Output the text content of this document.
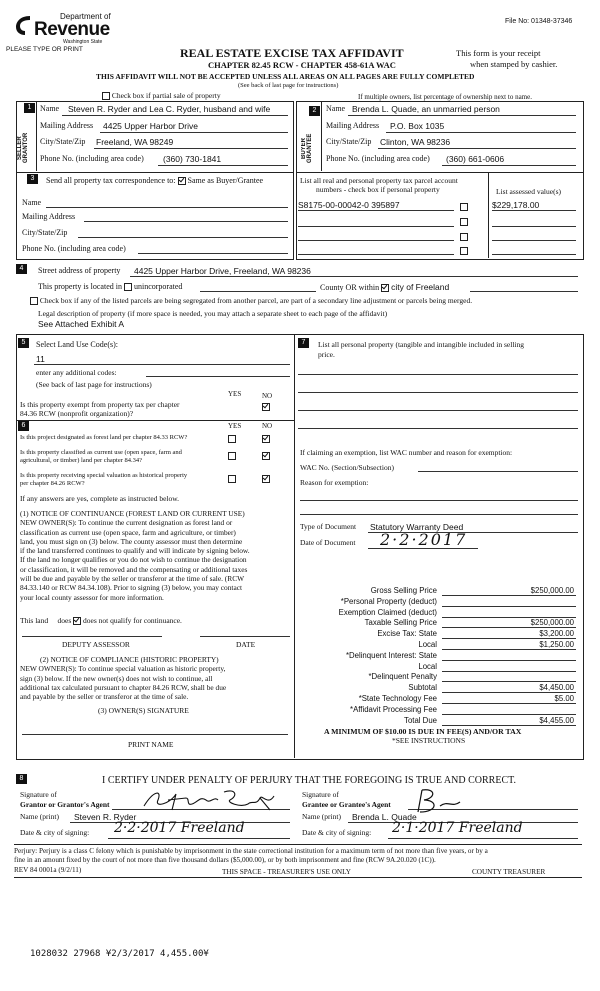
File No: 01348-37346
Department of
Revenue
Washington State
PLEASE TYPE OR PRINT	REAL ESTATE EXCISE TAX AFFIDAVIT
CHAPTER 82.45 RCW - CHAPTER 458-61A WAC
This form is your receipt
when stamped by cashier.
THIS AFFIDAVIT WILL NOT BE ACCEPTED UNLESS ALL AREAS ON ALL PAGES ARE FULLY COMPLETED
(See back of last page for instructions)
Check box if partial sale of property	If multiple owners, list percentage of ownership next to name.
1
SELLER GRANTOR
Name Steven R. Ryder and Lea C. Ryder, husband and wife
Mailing Address 4425 Upper Harbor Drive
City/State/Zip Freeland, WA 98249
Phone No. (including area code) (360) 730-1841
2
BUYER GRANTEE
Name Brenda L. Quade, an unmarried person
Mailing Address P.O. Box 1035
City/State/Zip Clinton, WA 98236
Phone No. (including area code) (360) 661-0606
3	Send all property tax correspondence to: Same as Buyer/Grantee
Name
Mailing Address
City/State/Zip
Phone No. (including area code)
List all real and personal property tax parcel account
numbers - check box if personal property	List assessed value(s)
S8175-00-00042-0 395897	$229,178.00
4	Street address of property 4425 Upper Harbor Drive, Freeland, WA 98236
This property is located in unincorporated	County OR within city of Freeland
Check box if any of the listed parcels are being segregated from another parcel, are part of a secondary line adjustment or parcels being merged.
Legal description of property (if more space is needed, you may attach a separate sheet to each page of the affidavit)
See Attached Exhibit A
5	Select Land Use Code(s):
11
enter any additional codes:
(See back of last page for instructions)
YES	NO
Is this property exempt from property tax per chapter
84.36 RCW (nonprofit organization)?
6	YES	NO
Is this project designated as forest land per chapter 84.33 RCW?
Is this property classified as current use (open space, farm and
agricultural, or timber) land per chapter 84.34?
Is this property receiving special valuation as historical property
per chapter 84.26 RCW?
If any answers are yes, complete as instructed below.
(1) NOTICE OF CONTINUANCE (FOREST LAND OR CURRENT USE)
NEW OWNER(S): To continue the current designation as forest land or
classification as current use (open space, farm and agriculture, or timber)
land, you must sign on (3) below. The county assessor must then determine
if the land transferred continues to qualify and will indicate by signing below.
If the land no longer qualifies or you do not wish to continue the designation
or classification, it will be removed and the compensating or additional taxes
will be due and payable by the seller or transferor at the time of sale. (RCW
84.33.140 or RCW 84.34.108). Prior to signing (3) below, you may contact
your local county assessor for more information.
This land does does not qualify for continuance.
DEPUTY ASSESSOR	DATE
(2) NOTICE OF COMPLIANCE (HISTORIC PROPERTY)
NEW OWNER(S): To continue special valuation as historic property,
sign (3) below. If the new owner(s) does not wish to continue, all
additional tax calculated pursuant to chapter 84.26 RCW, shall be due
and payable by the seller or transferor at the time of sale.
(3) OWNER(S) SIGNATURE
PRINT NAME
7	List all personal property (tangible and intangible included in selling
price.
If claiming an exemption, list WAC number and reason for exemption:
WAC No. (Section/Subsection)
Reason for exemption:
Type of Document Statutory Warranty Deed
Date of Document 2·2·2017
Gross Selling Price	$250,000.00
*Personal Property (deduct)
Exemption Claimed (deduct)
Taxable Selling Price	$250,000.00
Excise Tax: State	$3,200.00
Local	$1,250.00
*Delinquent Interest: State
Local
*Delinquent Penalty
Subtotal	$4,450.00
*State Technology Fee	$5.00
*Affidavit Processing Fee
Total Due	$4,455.00
A MINIMUM OF $10.00 IS DUE IN FEE(S) AND/OR TAX
*SEE INSTRUCTIONS
8	I CERTIFY UNDER PENALTY OF PERJURY THAT THE FOREGOING IS TRUE AND CORRECT.
Signature of
Grantor or Grantor's Agent
Name (print) Steven R. Ryder
Date & city of signing: 2·2·2017 Freeland
Signature of
Grantee or Grantee's Agent
Name (print) Brenda L. Quade
Date & city of signing: 2·1·2017 Freeland
Perjury: Perjury is a class C felony which is punishable by imprisonment in the state correctional institution for a maximum term of not more than five years, or by a
fine in an amount fixed by the court of not more than five thousand dollars ($5,000.00), or by both imprisonment and fine (RCW 9A.20.020 (1C)).
REV 84 0001a (9/2/11)	THIS SPACE - TREASURER'S USE ONLY	COUNTY TREASURER
1028032 27968 ¥2/3/2017 4,455.00¥
